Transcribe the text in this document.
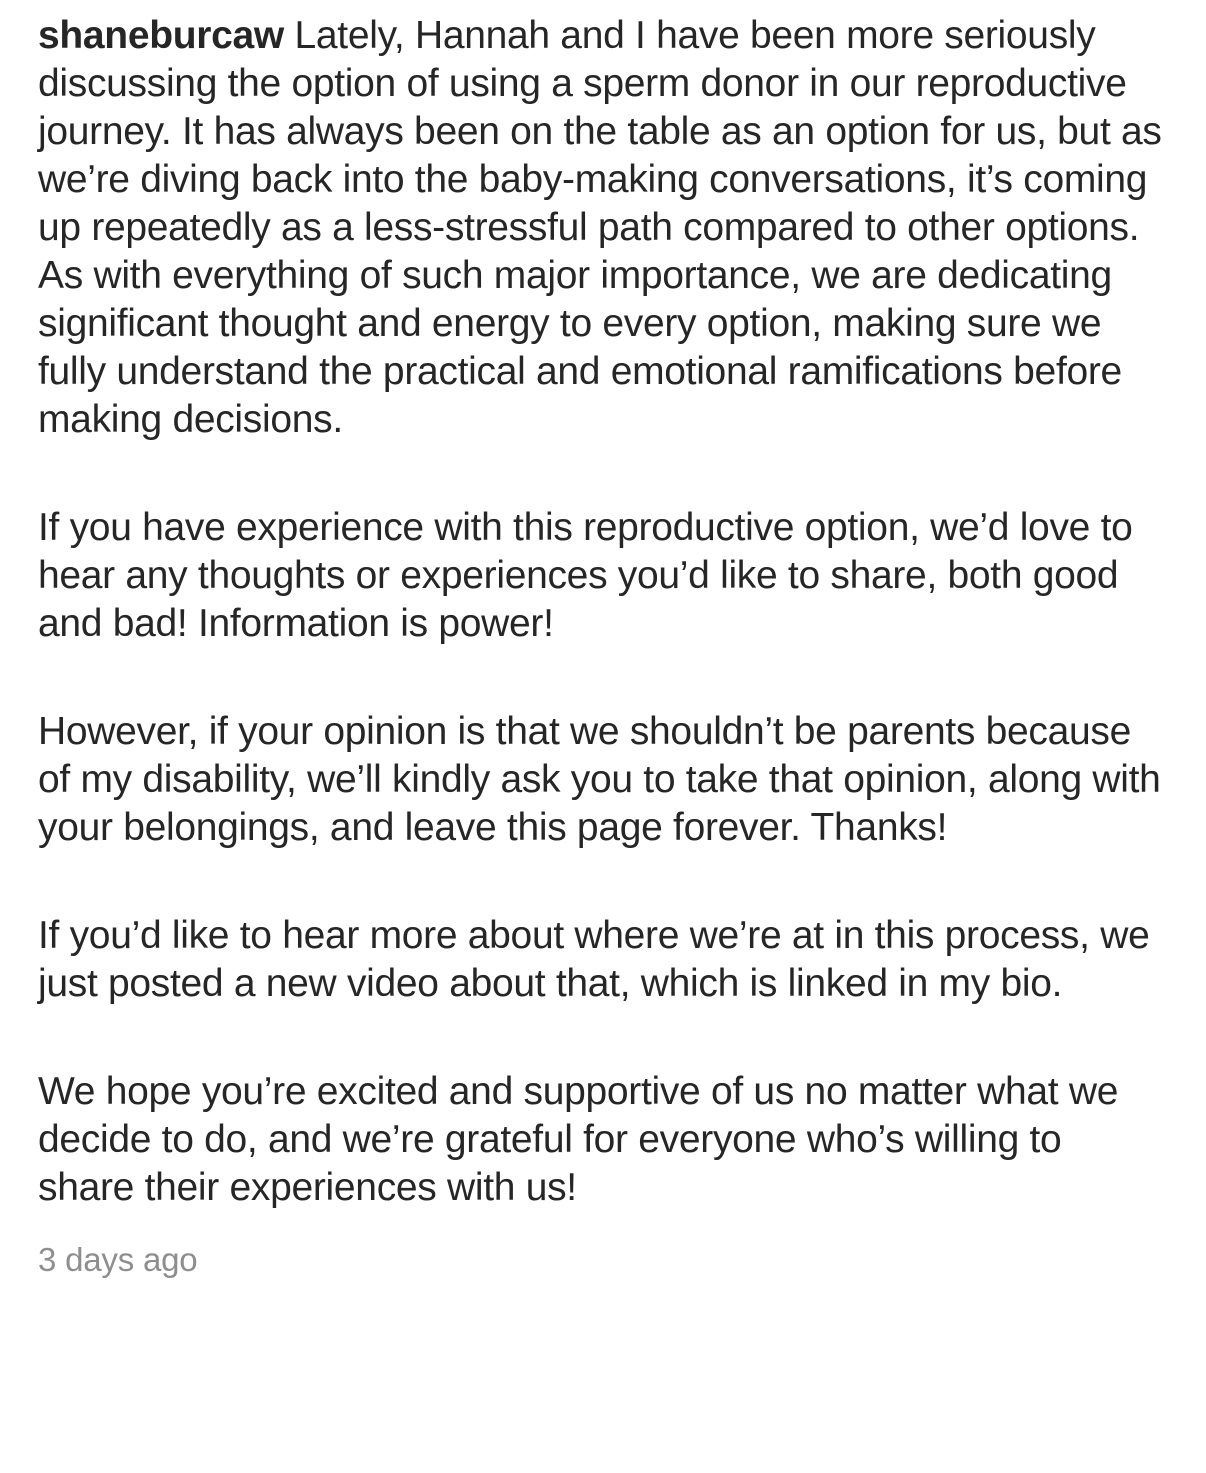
shaneburcaw Lately, Hannah and I have been more seriously discussing the option of using a sperm donor in our reproductive journey. It has always been on the table as an option for us, but as we’re diving back into the baby-making conversations, it’s coming up repeatedly as a less-stressful path compared to other options. As with everything of such major importance, we are dedicating significant thought and energy to every option, making sure we fully understand the practical and emotional ramifications before making decisions.

If you have experience with this reproductive option, we’d love to hear any thoughts or experiences you’d like to share, both good and bad! Information is power!

However, if your opinion is that we shouldn’t be parents because of my disability, we’ll kindly ask you to take that opinion, along with your belongings, and leave this page forever. Thanks!

If you’d like to hear more about where we’re at in this process, we just posted a new video about that, which is linked in my bio.

We hope you’re excited and supportive of us no matter what we decide to do, and we’re grateful for everyone who’s willing to share their experiences with us!

3 days ago
